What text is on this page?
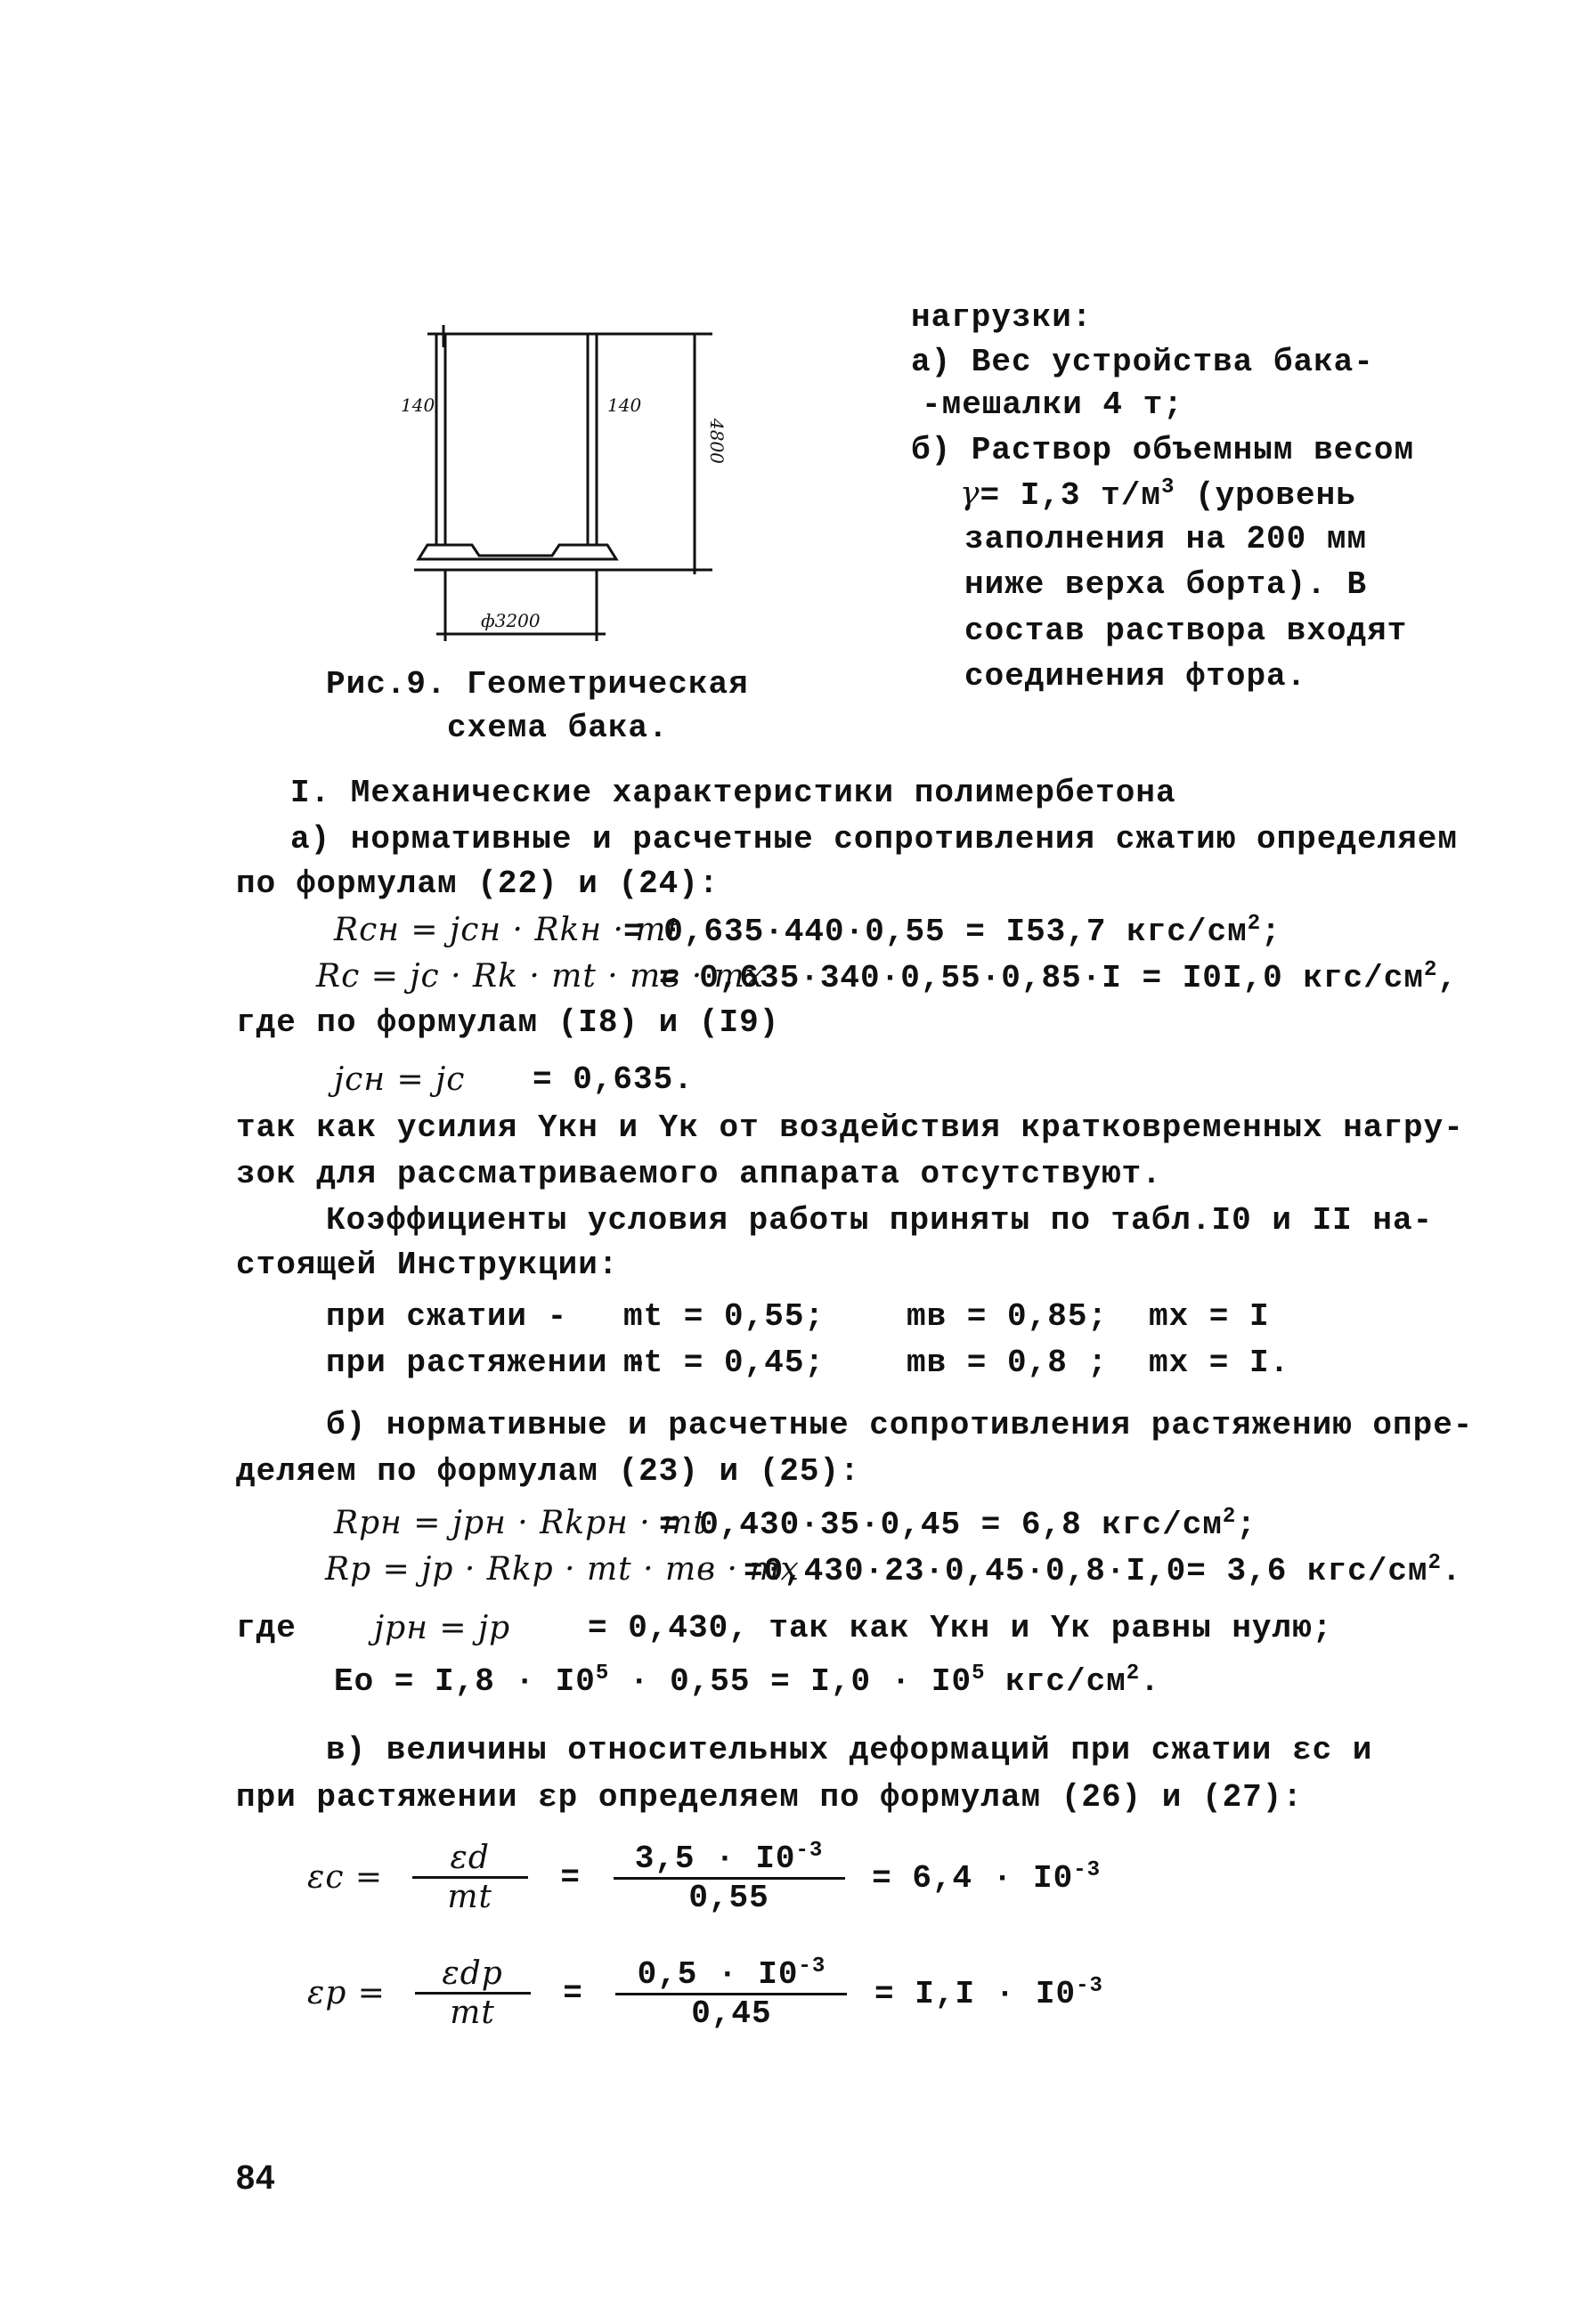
140	140
4800
ф3200
Рис.9. Геометрическая
схема бака.
нагрузки:
а) Вес устройства бака-
-мешалки 4 т;
б) Раствор объемным весом
γ= I,3 $т/м^3$ (уровень
заполнения на 200 мм
ниже верха борта). В
состав раствора входят
соединения фтора.
I. Механические характеристики полимербетона
а) нормативные и расчетные сопротивления сжатию определяем
по формулам (22) и (24):
Rсн = jсн · Rkн · mt
= 0,635·440·0,55 = I53,7 кгс/$см^2$;
Rс = jс · Rk · mt · mв · mх
= 0,635·340·0,55·0,85·I = I0I,0 кгс/$см^2$,
где по формулам (I8) и (I9)
jсн = jс = 0,635.
так как усилия Yкн и Yк от воздействия кратковременных нагру-
зок для рассматриваемого аппарата отсутствуют.
Коэффициенты условия работы приняты по табл.I0 и II на-
стоящей Инструкции:
при сжатии - mt = 0,55;	mв = 0,85; mх = I
при растяжении -
mt = 0,45;	mв = 0,8 ; mх = I.
б) нормативные и расчетные сопротивления растяжению опре-
деляем по формулам (23) и (25):
Rрн = jрн · Rkpн · mt
= 0,430·35·0,45 = 6,8 кгс/$см^2$;
Rр = jр · Rkp · mt · mв · mх
=0,430·23·0,45·0,8·I,0= 3,6 кгс/$см^2$.
где jрн = jр = 0,430, так как Yкн и Yк равны нулю;
Eо = $I,8 \cdot I0^5 \cdot 0,55 = I,0 \cdot I0^5$ кгс/$см^2$.
в) величины относительных деформаций при сжатии εс и
при растяжении εр определяем по формулам (26) и (27):
$\varepsilon с = \frac{\varepsilon d}{mt} = \frac{3,5 \cdot I0^{-3}}{0,55} = 6,4 \cdot I0^{-3}$
$\varepsilon р = \frac{\text{εdp}}{mt} = \frac{0,5 \cdot I0^{-3}}{0,45} = I,I \cdot I0^{-3}$
84
